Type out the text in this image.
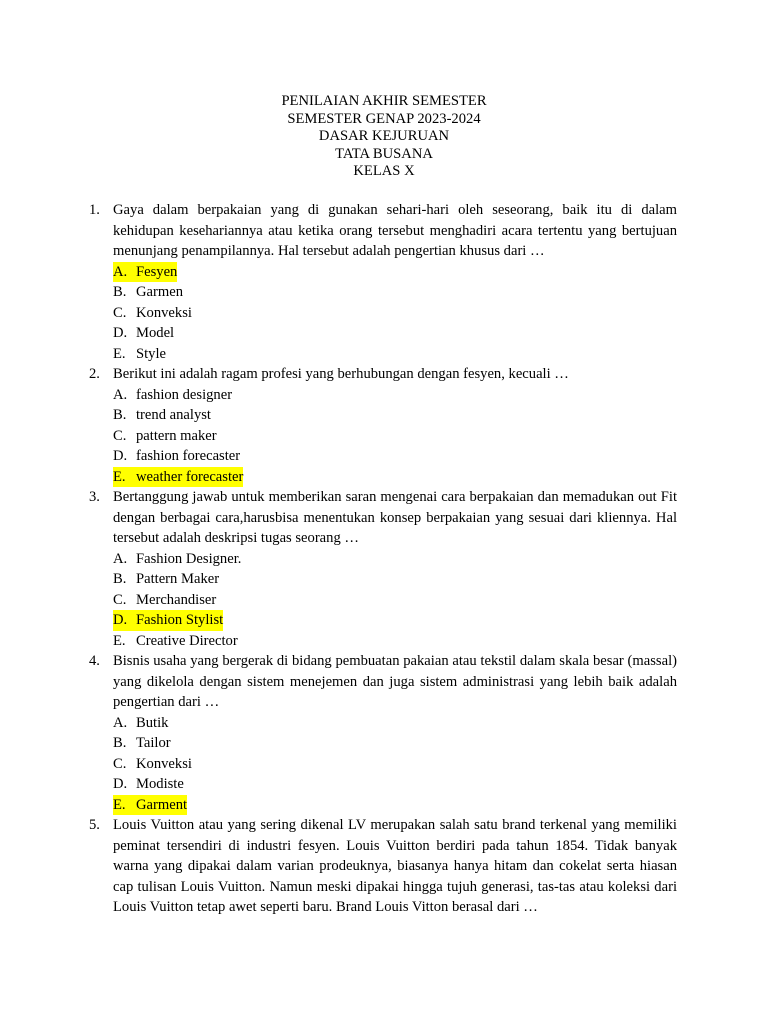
PENILAIAN AKHIR SEMESTER
SEMESTER GENAP 2023-2024
DASAR KEJURUAN
TATA BUSANA
KELAS X
1. Gaya dalam berpakaian yang di gunakan sehari-hari oleh seseorang, baik itu di dalam kehidupan kesehariannya atau ketika orang tersebut menghadiri acara tertentu yang bertujuan menunjang penampilannya. Hal tersebut adalah pengertian khusus dari …
A. Fesyen
B. Garmen
C. Konveksi
D. Model
E. Style
2. Berikut ini adalah ragam profesi yang berhubungan dengan fesyen, kecuali …
A. fashion designer
B. trend analyst
C. pattern maker
D. fashion forecaster
E. weather forecaster
3. Bertanggung jawab untuk memberikan saran mengenai cara berpakaian dan memadukan out Fit dengan berbagai cara,harusbisa menentukan konsep berpakaian yang sesuai dari kliennya. Hal tersebut adalah deskripsi tugas seorang …
A. Fashion Designer.
B. Pattern Maker
C. Merchandiser
D. Fashion Stylist
E. Creative Director
4. Bisnis usaha yang bergerak di bidang pembuatan pakaian atau tekstil dalam skala besar (massal) yang dikelola dengan sistem menejemen dan juga sistem administrasi yang lebih baik adalah pengertian dari …
A. Butik
B. Tailor
C. Konveksi
D. Modiste
E. Garment
5. Louis Vuitton atau yang sering dikenal LV merupakan salah satu brand terkenal yang memiliki peminat tersendiri di industri fesyen. Louis Vuitton berdiri pada tahun 1854. Tidak banyak warna yang dipakai dalam varian prodeuknya, biasanya hanya hitam dan cokelat serta hiasan cap tulisan Louis Vuitton. Namun meski dipakai hingga tujuh generasi, tas-tas atau koleksi dari Louis Vuitton tetap awet seperti baru. Brand Louis Vitton berasal dari …
